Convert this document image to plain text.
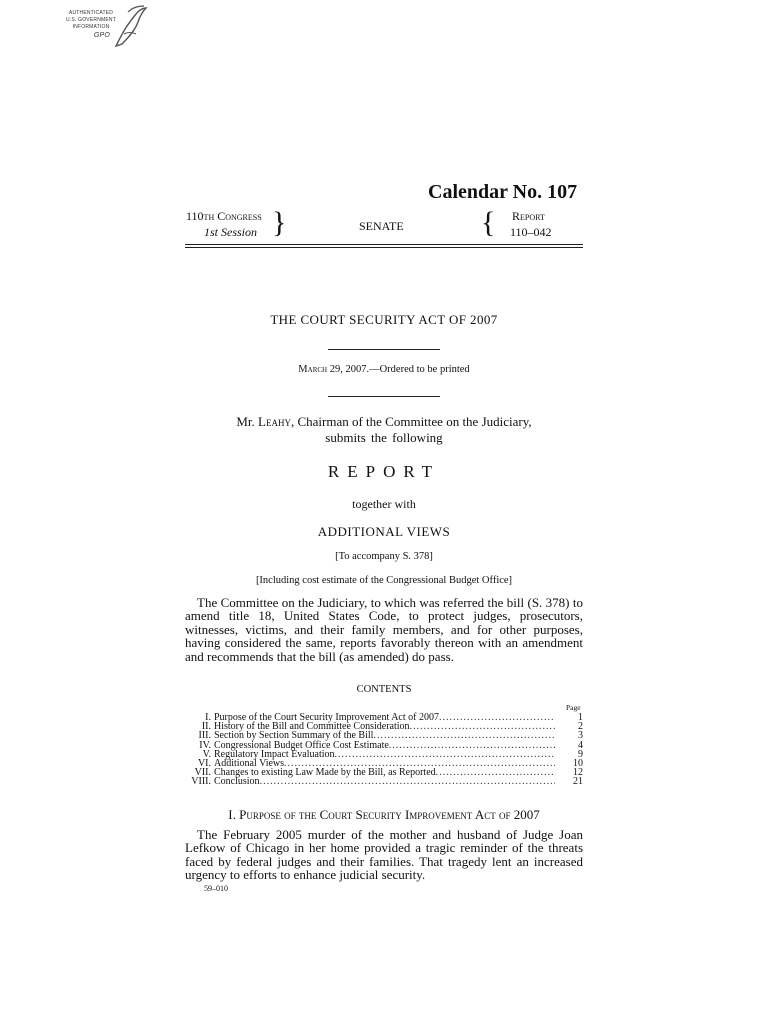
AUTHENTICATED
U.S. GOVERNMENT
INFORMATION
GPO
Calendar No. 107
110th Congress
1st Session }	SENATE	{ Report
110–042
THE COURT SECURITY ACT OF 2007
March 29, 2007.—Ordered to be printed
Mr. Leahy, Chairman of the Committee on the Judiciary,
submits the following
REPORT
together with
ADDITIONAL VIEWS
[To accompany S. 378]
[Including cost estimate of the Congressional Budget Office]

The Committee on the Judiciary, to which was referred the bill (S. 378) to amend title 18, United States Code, to protect judges, prosecutors, witnesses, victims, and their family members, and for other purposes, having considered the same, reports favorably thereon with an amendment and recommends that the bill (as amended) do pass.

CONTENTS
Page
I. Purpose of the Court Security Improvement Act of 2007 .....	1
II. History of the Bill and Committee Consideration .....	2
III. Section by Section Summary of the Bill .....	3
IV. Congressional Budget Office Cost Estimate .....	4
V. Regulatory Impact Evaluation .....	9
VI. Additional Views .....	10
VII. Changes to existing Law Made by the Bill, as Reported .....	12
VIII. Conclusion .....	21
I. Purpose of the Court Security Improvement Act of 2007

The February 2005 murder of the mother and husband of Judge Joan Lefkow of Chicago in her home provided a tragic reminder of the threats faced by federal judges and their families. That tragedy lent an increased urgency to efforts to enhance judicial security.

59–010
